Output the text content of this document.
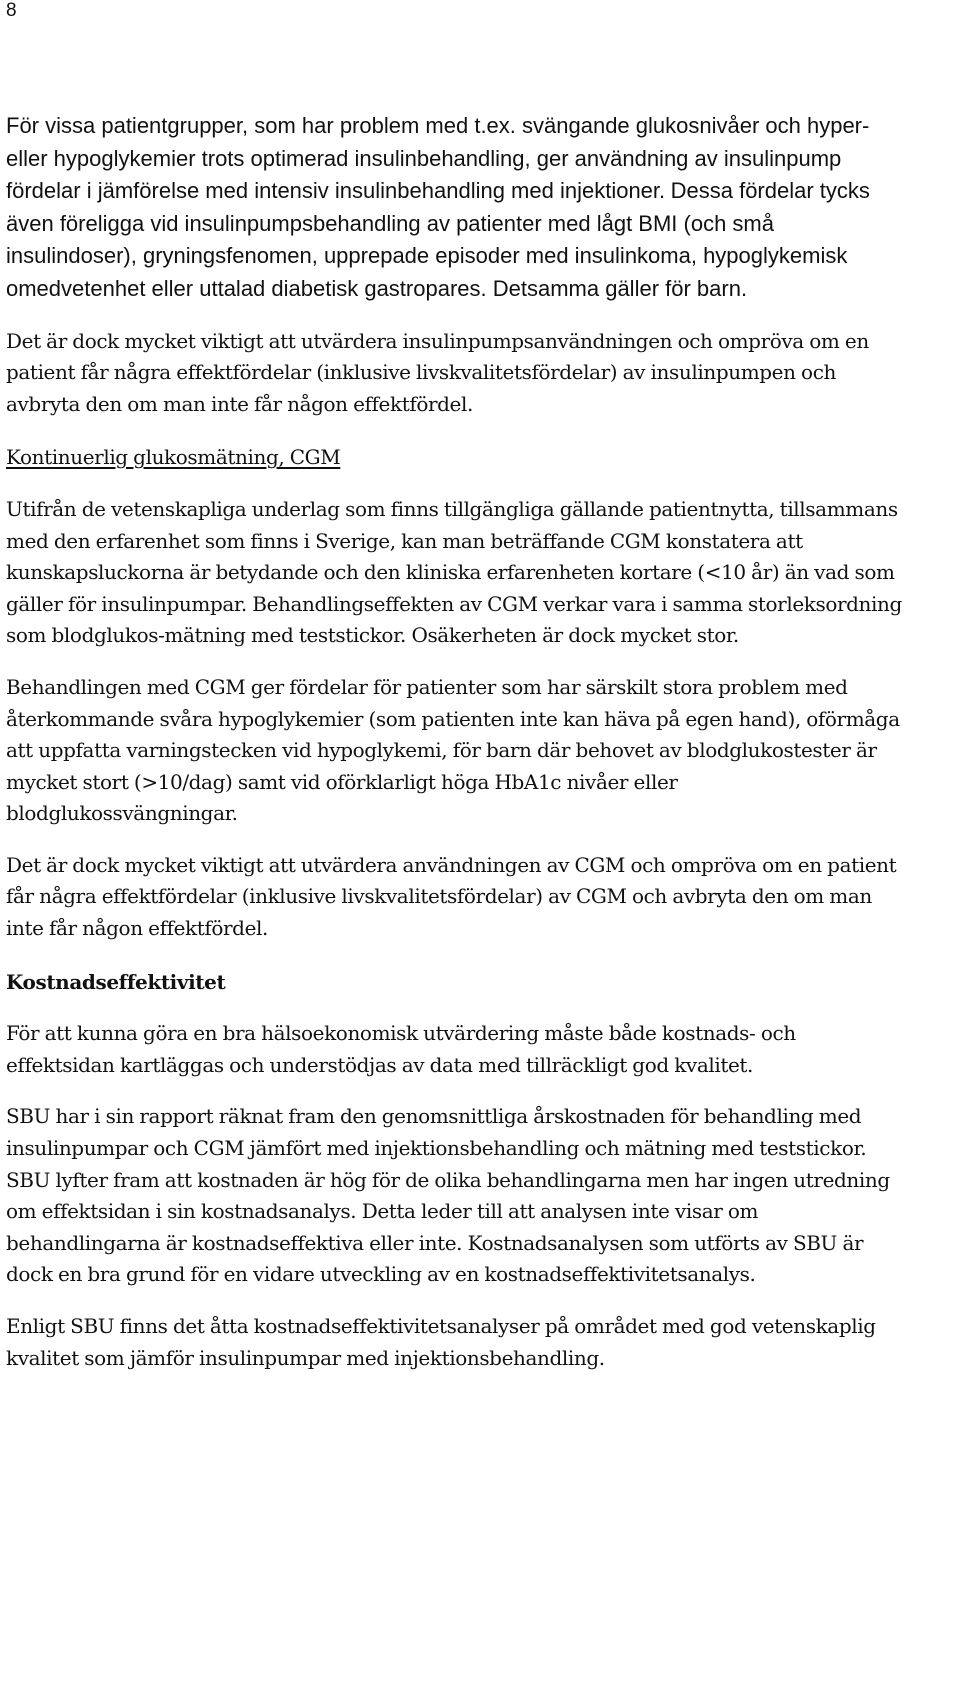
8

För vissa patientgrupper, som har problem med t.ex. svängande glukosnivåer och hyper- eller hypoglykemier trots optimerad insulinbehandling, ger användning av insulinpump fördelar i jämförelse med intensiv insulinbehandling med injektioner. Dessa fördelar tycks även föreligga vid insulinpumpsbehandling av patienter med lågt BMI (och små insulindoser), gryningsfenomen, upprepade episoder med insulinkoma, hypoglykemisk omedvetenhet eller uttalad diabetisk gastropares. Detsamma gäller för barn.

Det är dock mycket viktigt att utvärdera insulinpumpsanvändningen och ompröva om en patient får några effektfördelar (inklusive livskvalitetsfördelar) av insulinpumpen och avbryta den om man inte får någon effektfördel.

Kontinuerlig glukosmätning, CGM

Utifrån de vetenskapliga underlag som finns tillgängliga gällande patientnytta, tillsammans med den erfarenhet som finns i Sverige, kan man beträffande CGM konstatera att kunskapsluckorna är betydande och den kliniska erfarenheten kortare (<10 år) än vad som gäller för insulinpumpar. Behandlingseffekten av CGM verkar vara i samma storleksordning som blodglukos-mätning med teststickor. Osäkerheten är dock mycket stor.

Behandlingen med CGM ger fördelar för patienter som har särskilt stora problem med återkommande svåra hypoglykemier (som patienten inte kan häva på egen hand), oförmåga att uppfatta varningstecken vid hypoglykemi, för barn där behovet av blodglukostester är mycket stort (>10/dag) samt vid oförklarligt höga HbA1c nivåer eller blodglukossvängningar.

Det är dock mycket viktigt att utvärdera användningen av CGM och ompröva om en patient får några effektfördelar (inklusive livskvalitetsfördelar) av CGM och avbryta den om man inte får någon effektfördel.

Kostnadseffektivitet

För att kunna göra en bra hälsoekonomisk utvärdering måste både kostnads- och effektsidan kartläggas och understödjas av data med tillräckligt god kvalitet.

SBU har i sin rapport räknat fram den genomsnittliga årskostnaden för behandling med insulinpumpar och CGM jämfört med injektionsbehandling och mätning med teststickor. SBU lyfter fram att kostnaden är hög för de olika behandlingarna men har ingen utredning om effektsidan i sin kostnadsanalys. Detta leder till att analysen inte visar om behandlingarna är kostnadseffektiva eller inte. Kostnadsanalysen som utförts av SBU är dock en bra grund för en vidare utveckling av en kostnadseffektivitetsanalys.

Enligt SBU finns det åtta kostnadseffektivitetsanalyser på området med god vetenskaplig kvalitet som jämför insulinpumpar med injektionsbehandling.
